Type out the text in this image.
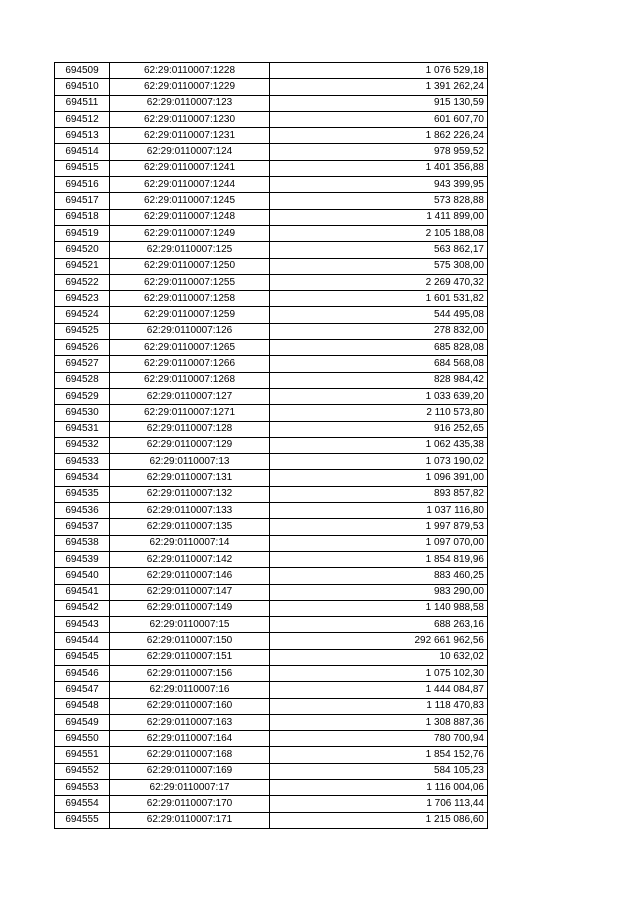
694509	62:29:0110007:1228	1 076 529,18
694510	62:29:0110007:1229	1 391 262,24
694511	62:29:0110007:123	915 130,59
694512	62:29:0110007:1230	601 607,70
694513	62:29:0110007:1231	1 862 226,24
694514	62:29:0110007:124	978 959,52
694515	62:29:0110007:1241	1 401 356,88
694516	62:29:0110007:1244	943 399,95
694517	62:29:0110007:1245	573 828,88
694518	62:29:0110007:1248	1 411 899,00
694519	62:29:0110007:1249	2 105 188,08
694520	62:29:0110007:125	563 862,17
694521	62:29:0110007:1250	575 308,00
694522	62:29:0110007:1255	2 269 470,32
694523	62:29:0110007:1258	1 601 531,82
694524	62:29:0110007:1259	544 495,08
694525	62:29:0110007:126	278 832,00
694526	62:29:0110007:1265	685 828,08
694527	62:29:0110007:1266	684 568,08
694528	62:29:0110007:1268	828 984,42
694529	62:29:0110007:127	1 033 639,20
694530	62:29:0110007:1271	2 110 573,80
694531	62:29:0110007:128	916 252,65
694532	62:29:0110007:129	1 062 435,38
694533	62:29:0110007:13	1 073 190,02
694534	62:29:0110007:131	1 096 391,00
694535	62:29:0110007:132	893 857,82
694536	62:29:0110007:133	1 037 116,80
694537	62:29:0110007:135	1 997 879,53
694538	62:29:0110007:14	1 097 070,00
694539	62:29:0110007:142	1 854 819,96
694540	62:29:0110007:146	883 460,25
694541	62:29:0110007:147	983 290,00
694542	62:29:0110007:149	1 140 988,58
694543	62:29:0110007:15	688 263,16
694544	62:29:0110007:150	292 661 962,56
694545	62:29:0110007:151	10 632,02
694546	62:29:0110007:156	1 075 102,30
694547	62:29:0110007:16	1 444 084,87
694548	62:29:0110007:160	1 118 470,83
694549	62:29:0110007:163	1 308 887,36
694550	62:29:0110007:164	780 700,94
694551	62:29:0110007:168	1 854 152,76
694552	62:29:0110007:169	584 105,23
694553	62:29:0110007:17	1 116 004,06
694554	62:29:0110007:170	1 706 113,44
694555	62:29:0110007:171	1 215 086,60
